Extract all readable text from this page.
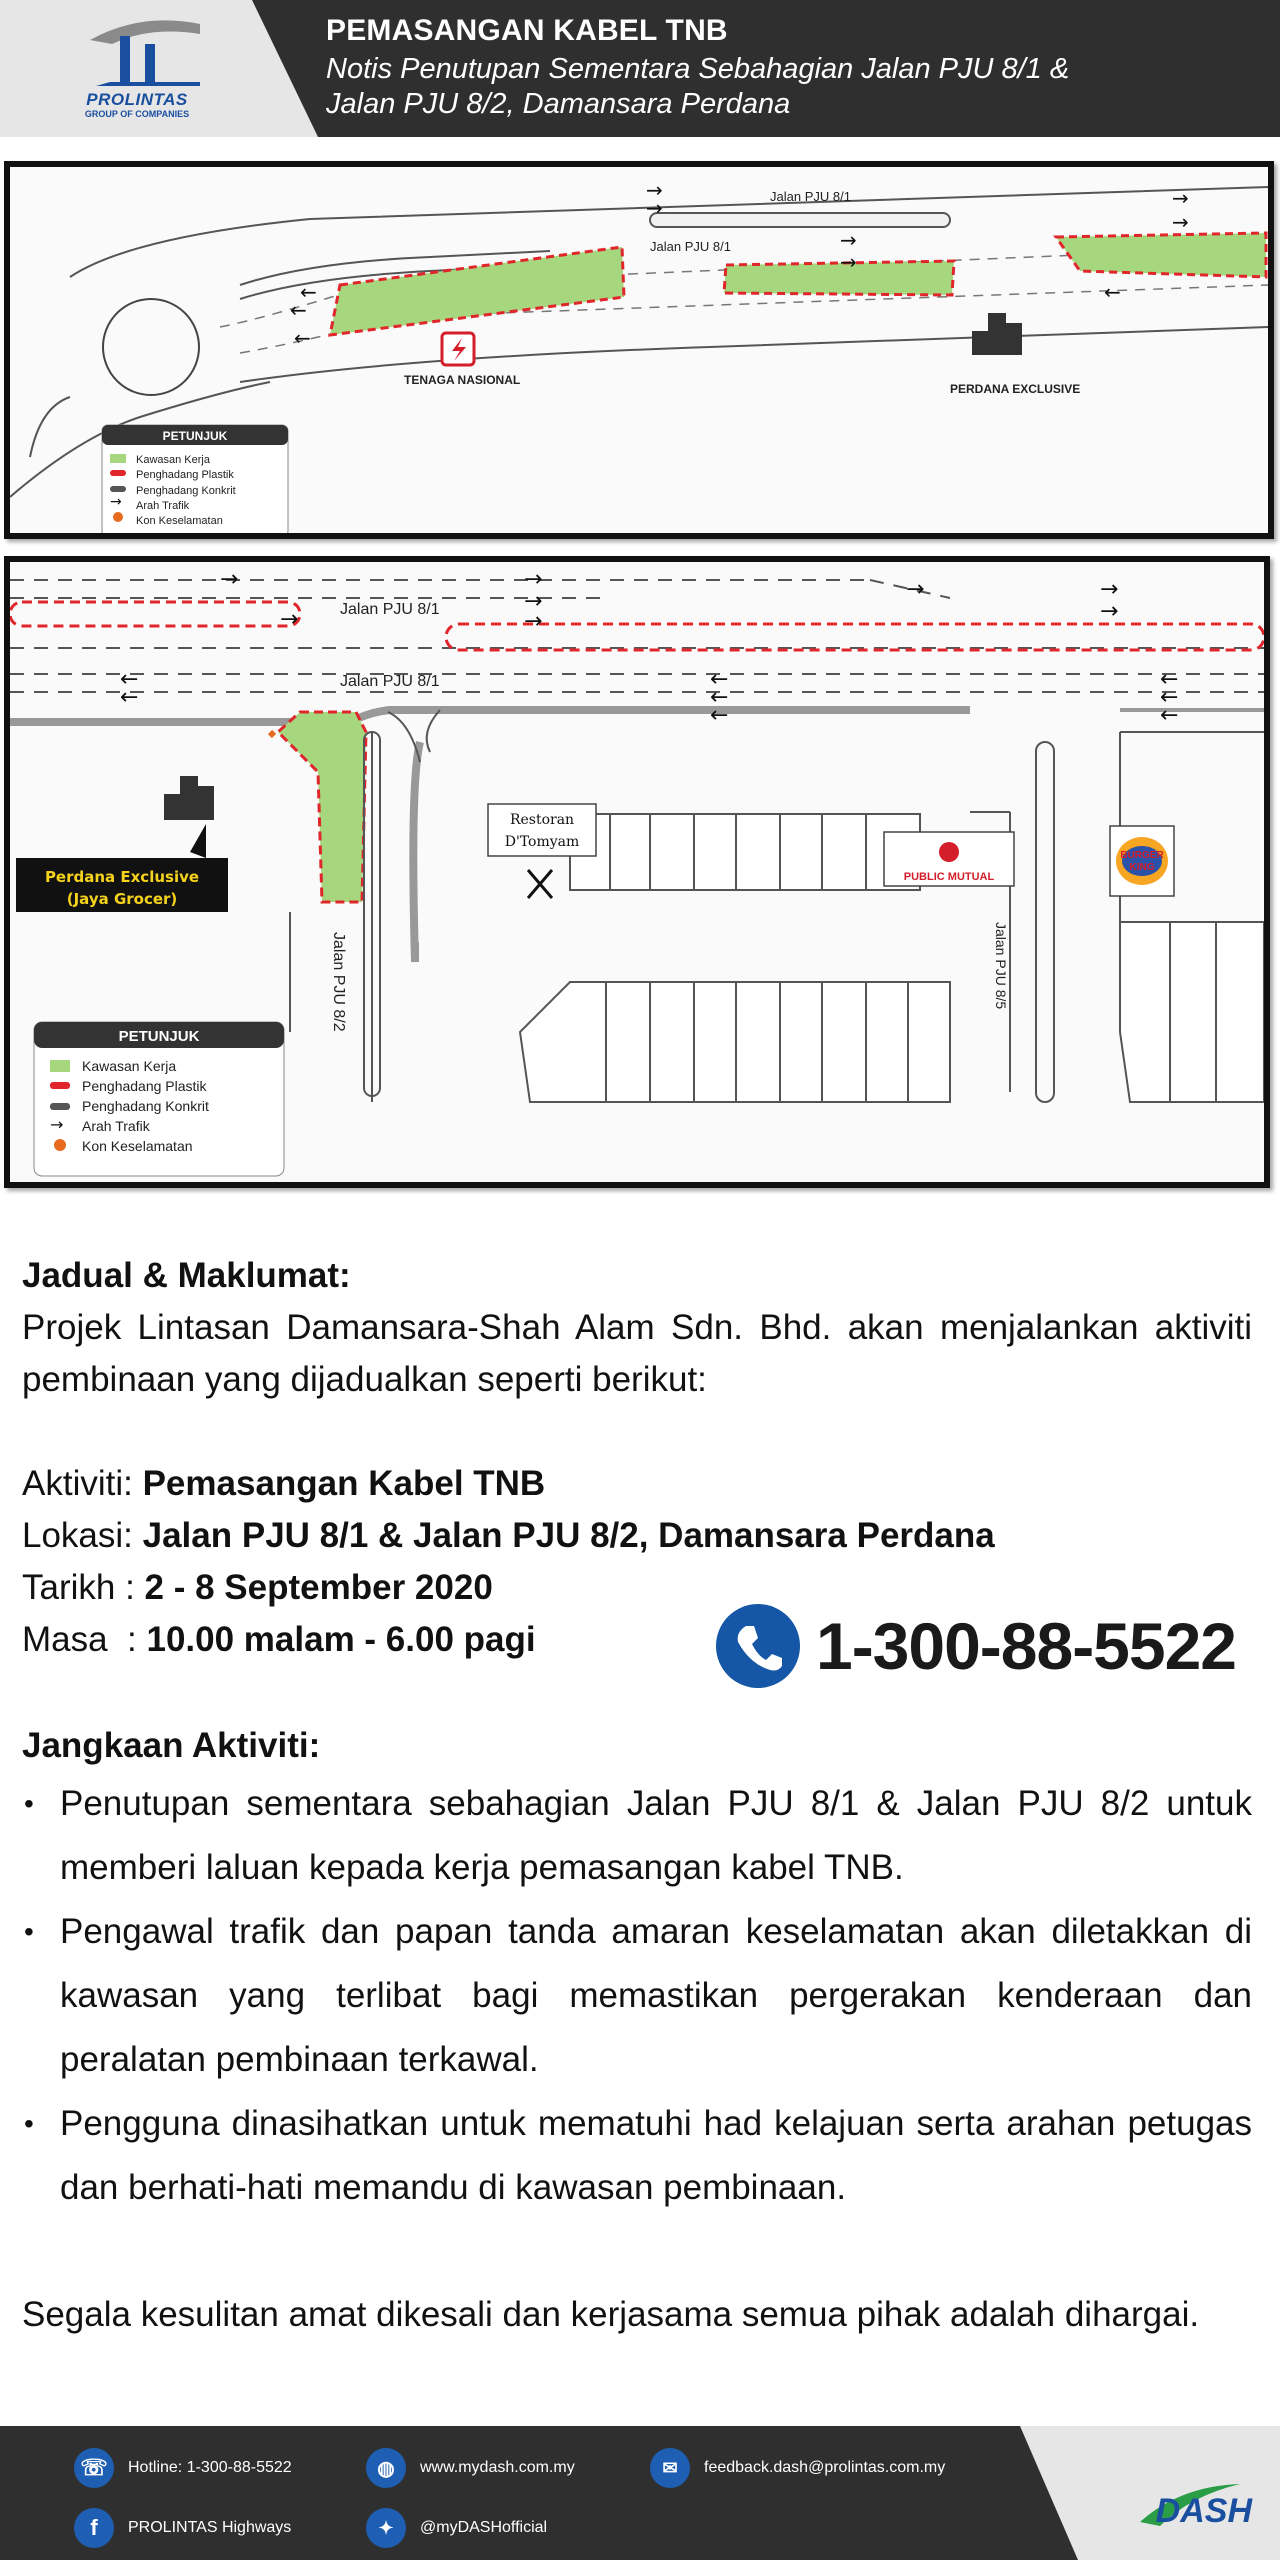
PROLINTAS
GROUP OF COMPANIES
PEMASANGAN KABEL TNB
Notis Penutupan Sementara Sebahagian Jalan PJU 8/1 &
Jalan PJU 8/2, Damansara Perdana
→
→	→
→
→
→
←
←
←
←
Jalan PJU 8/1
Jalan PJU 8/1
TENAGA NASIONAL
PERDANA EXCLUSIVE
PETUNJUK
→
Kawasan Kerja
Penghadang Plastik
Penghadang Konkrit
Arah Trafik
Kon Keselamatan
→	→
→
→
→
→	→
→
←
←
←
←
←
←
←
←
Jalan PJU 8/1
Jalan PJU 8/1
Jalan PJU 8/2	Jalan PJU 8/5
Restoran
D'Tomyam
PUBLIC MUTUAL
BURGER
KING
Perdana Exclusive
(Jaya Grocer)
PETUNJUK
→
Kawasan Kerja
Penghadang Plastik
Penghadang Konkrit
Arah Trafik
Kon Keselamatan
Jadual & Maklumat:
Projek Lintasan Damansara-Shah Alam Sdn. Bhd. akan menjalankan aktiviti pembinaan yang dijadualkan seperti berikut:
Aktiviti: Pemasangan Kabel TNB
Lokasi: Jalan PJU 8/1 & Jalan PJU 8/2, Damansara Perdana
Tarikh : 2 - 8 September 2020
Masa  : 10.00 malam - 6.00 pagi	1-300-88-5522
Jangkaan Aktiviti:
• Penutupan sementara sebahagian Jalan PJU 8/1 & Jalan PJU 8/2 untuk memberi laluan kepada kerja pemasangan kabel TNB.
• Pengawal trafik dan papan tanda amaran keselamatan akan diletakkan di kawasan yang terlibat bagi memastikan pergerakan kenderaan dan peralatan pembinaan terkawal.
• Pengguna dinasihatkan untuk mematuhi had kelajuan serta arahan petugas dan berhati-hati memandu di kawasan pembinaan.
Segala kesulitan amat dikesali dan kerjasama semua pihak adalah dihargai.
☏	Hotline: 1-300-88-5522	◍	www.mydash.com.my	✉	feedback.dash@prolintas.com.my
f	PROLINTAS Highways	✦	@myDASHofficial	DASH
